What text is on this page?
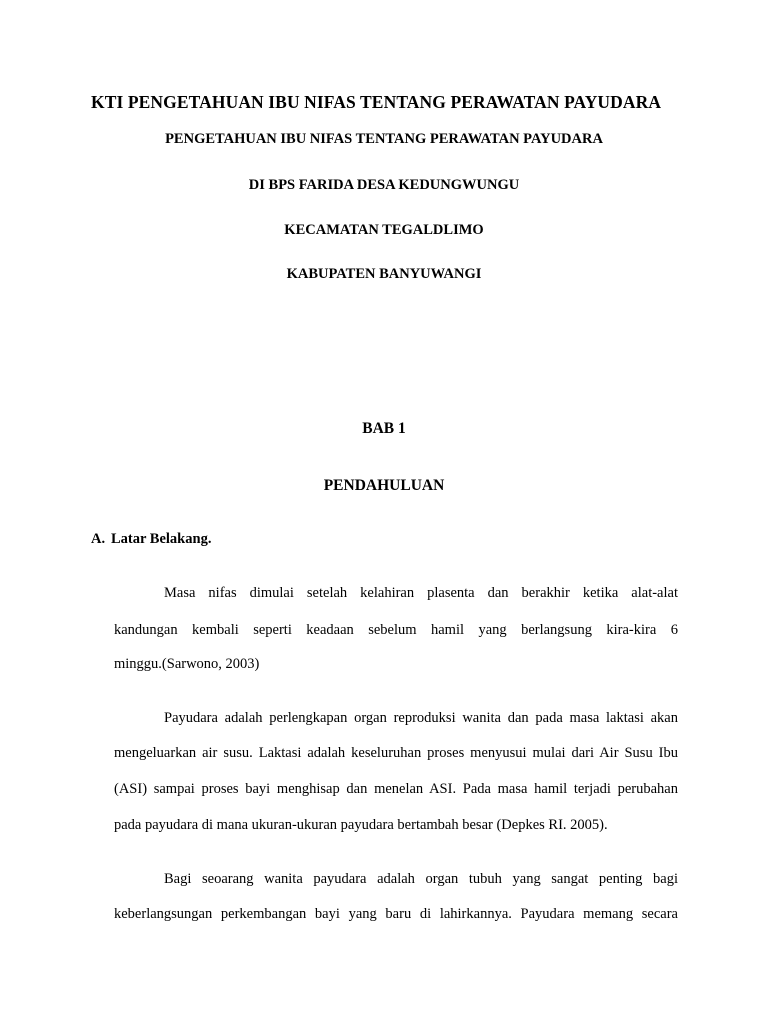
KTI PENGETAHUAN IBU NIFAS TENTANG PERAWATAN PAYUDARA

PENGETAHUAN IBU NIFAS TENTANG PERAWATAN PAYUDARA

DI BPS FARIDA DESA KEDUNGWUNGU

KECAMATAN TEGALDLIMO

KABUPATEN BANYUWANGI

BAB 1
PENDAHULUAN
A. Latar Belakang.

Masa nifas dimulai setelah kelahiran plasenta dan berakhir ketika alat-alat

kandungan kembali seperti keadaan sebelum hamil yang berlangsung kira-kira 6

minggu.(Sarwono, 2003)

Payudara adalah perlengkapan organ reproduksi wanita dan pada masa laktasi akan

mengeluarkan air susu. Laktasi adalah keseluruhan proses menyusui mulai dari Air Susu Ibu

(ASI) sampai proses bayi menghisap dan menelan ASI. Pada masa hamil terjadi perubahan

pada payudara di mana ukuran-ukuran payudara bertambah besar (Depkes RI. 2005).

Bagi seoarang wanita payudara adalah organ tubuh yang sangat penting bagi

keberlangsungan perkembangan bayi yang baru di lahirkannya. Payudara memang secara
